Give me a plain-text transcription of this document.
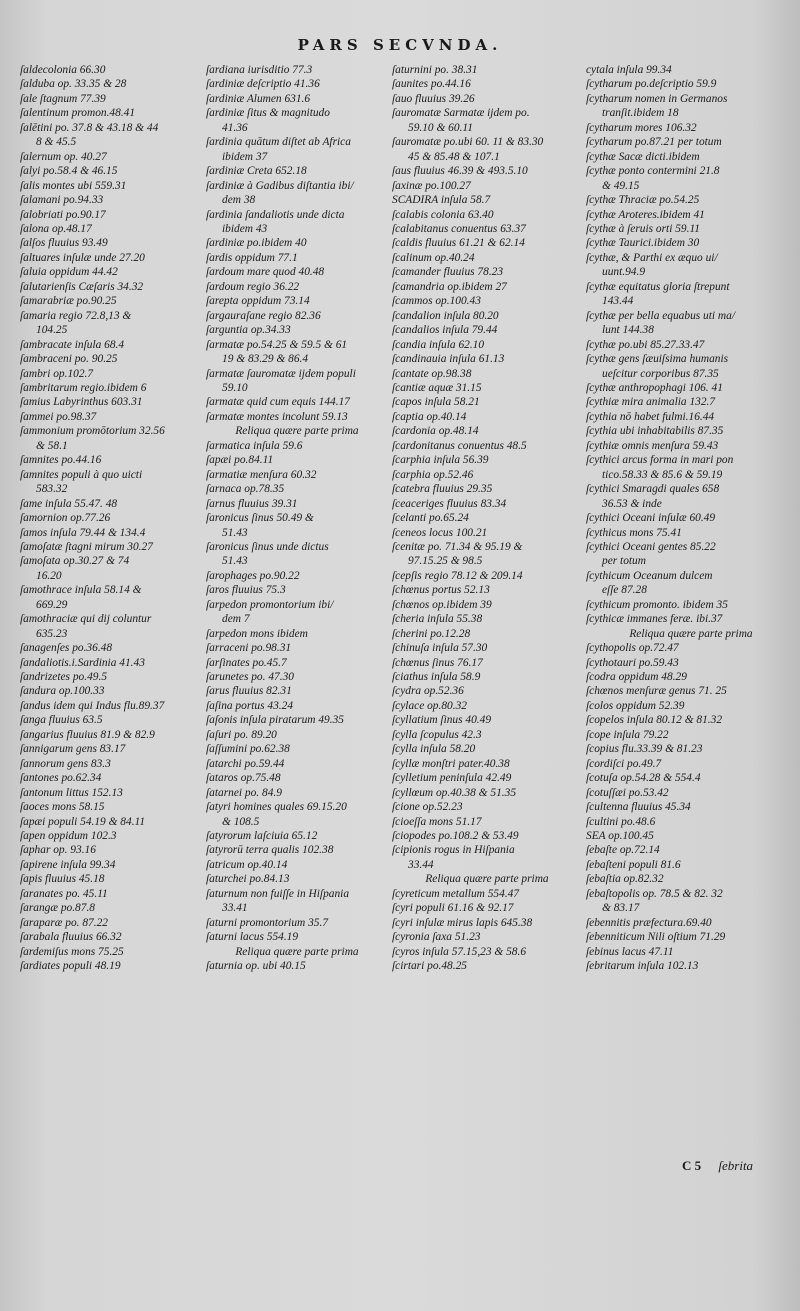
PARS SECVNDA.
ſaldecolonia 66.30
ſalduba op. 33.35 & 28
ſale ſtagnum 77.39
ſalentinum promon.48.41
ſalētini po. 37.8 & 43.18 & 44
8 & 45.5
ſalernum op. 40.27
ſalyi po.58.4 & 46.15
ſalis montes ubi 559.31
ſalamani po.94.33
ſalobriati po.90.17
ſalona op.48.17
ſalſos fluuius 93.49
ſaltuares inſulæ unde 27.20
ſaluia oppidum 44.42
ſalutarienſis Cæſaris 34.32
ſamarabriæ po.90.25
ſamaria regio 72.8,13 &
104.25
ſambracate inſula 68.4
ſambraceni po. 90.25
ſambri op.102.7
ſambritarum regio.ibidem 6
ſamius Labyrinthus 603.31
ſammei po.98.37
ſammonium promōtorium 32.56
& 58.1
ſamnites po.44.16
ſamnites populi à quo uicti
583.32
ſame inſula 55.47. 48
ſamornion op.77.26
ſamos inſula 79.44 & 134.4
ſamoſatæ ſtagni mirum 30.27
ſamoſata op.30.27 & 74
16.20
ſamothrace inſula 58.14 &
669.29
ſamothraciæ qui dij coluntur
635.23
ſanagenſes po.36.48
ſandaliotis.i.Sardinia 41.43
ſandrizetes po.49.5
ſandura op.100.33
ſandus idem qui Indus flu.89.37
ſanga fluuius 63.5
ſangarius fluuius 81.9 & 82.9
ſannigarum gens 83.17
ſannorum gens 83.3
ſantones po.62.34
ſantonum littus 152.13
ſaoces mons 58.15
ſapæi populi 54.19 & 84.11
ſapen oppidum 102.3
ſaphar op. 93.16
ſapirene inſula 99.34
ſapis fluuius 45.18
ſaranates po. 45.11
ſarangæ po.87.8
ſaraparæ po. 87.22
ſarabala fluuius 66.32
ſardemiſus mons 75.25
ſardiates populi 48.19
ſardiana iurisditio 77.3
ſardiniæ deſcriptio 41.36
ſardiniæ Alumen 631.6
ſardiniæ ſitus & magnitudo
41.36
ſardinia quātum diſtet ab Africa
ibidem 37
ſardiniæ Creta 652.18
ſardiniæ à Gadibus diſtantia ibi/
dem 38
ſardinia ſandaliotis unde dicta
ibidem 43
ſardiniæ po.ibidem 40
ſardis oppidum 77.1
ſardoum mare quod 40.48
ſardoum regio 36.22
ſarepta oppidum 73.14
ſargauraſane regio 82.36
ſarguntia op.34.33
ſarmatæ po.54.25 & 59.5 & 61
19 & 83.29 & 86.4
ſarmatæ ſauromatæ ijdem populi
59.10
ſarmatæ quid cum equis 144.17
ſarmatæ montes incolunt 59.13
Reliqua quære parte prima
ſarmatica inſula 59.6
ſapæi po.84.11
ſarmatiæ menſura 60.32
ſarnaca op.78.35
ſarnus fluuius 39.31
ſaronicus ſinus 50.49 &
51.43
ſaronicus ſinus unde dictus
51.43
ſarophages po.90.22
ſaros fluuius 75.3
ſarpedon promontorium ibi/
dem 7
ſarpedon mons ibidem
ſarraceni po.98.31
ſarſinates po.45.7
ſarunetes po. 47.30
ſarus fluuius 82.31
ſaſina portus 43.24
ſaſonis inſula piratarum 49.35
ſaſuri po. 89.20
ſaſſumini po.62.38
ſatarchi po.59.44
ſataros op.75.48
ſatarnei po. 84.9
ſatyri homines quales 69.15.20
& 108.5
ſatyrorum laſciuia 65.12
ſatyrorū terra qualis 102.38
ſatricum op.40.14
ſaturchei po.84.13
ſaturnum non fuiſſe in Hiſpania
33.41
ſaturni promontorium 35.7
ſaturni lacus 554.19
Reliqua quære parte prima
ſaturnia op. ubi 40.15
ſaturnini po. 38.31
ſaunites po.44.16
ſauo fluuius 39.26
ſauromatæ Sarmatæ ijdem po.
59.10 & 60.11
ſauromatæ po.ubi 60. 11 & 83.30
45 & 85.48 & 107.1
ſaus fluuius 46.39 & 493.5.10
ſaxinæ po.100.27
SCADIRA inſula 58.7
ſcalabis colonia 63.40
ſcalabitanus conuentus 63.37
ſcaldis fluuius 61.21 & 62.14
ſcalinum op.40.24
ſcamander fluuius 78.23
ſcamandria op.ibidem 27
ſcammos op.100.43
ſcandalion inſula 80.20
ſcandalios inſula 79.44
ſcandia inſula 62.10
ſcandinauia inſula 61.13
ſcantate op.98.38
ſcantiæ aquæ 31.15
ſcapos inſula 58.21
ſcaptia op.40.14
ſcardonia op.48.14
ſcardonitanus conuentus 48.5
ſcarphia inſula 56.39
ſcarphia op.52.46
ſcatebra fluuius 29.35
ſceaceriges fluuius 83.34
ſcelanti po.65.24
ſceneos locus 100.21
ſcenitæ po. 71.34 & 95.19 &
97.15.25 & 98.5
ſcepſis regio 78.12 & 209.14
ſchœnus portus 52.13
ſchœnos op.ibidem 39
ſcheria inſula 55.38
ſcherini po.12.28
ſchinuſa inſula 57.30
ſchœnus ſinus 76.17
ſciathus inſula 58.9
ſcydra op.52.36
ſcylace op.80.32
ſcyllatium ſinus 40.49
ſcylla ſcopulus 42.3
ſcylla inſula 58.20
ſcyllæ monſtri pater.40.38
ſcylletium peninſula 42.49
ſcyllœum op.40.38 & 51.35
ſcione op.52.23
ſcioeſſa mons 51.17
ſciopodes po.108.2 & 53.49
ſcipionis rogus in Hiſpania
33.44
Reliqua quære parte prima
ſcyreticum metallum 554.47
ſcyri populi 61.16 & 92.17
ſcyri inſulæ mirus lapis 645.38
ſcyronia ſaxa 51.23
ſcyros inſula 57.15,23 & 58.6
ſcirtari po.48.25
cytala inſula 99.34
ſcytharum po.deſcriptio 59.9
ſcytharum nomen in Germanos
tranſit.ibidem 18
ſcytharum mores 106.32
ſcytharum po.87.21 per totum
ſcythæ Sacæ dicti.ibidem
ſcythæ ponto contermini 21.8
& 49.15
ſcythæ Thraciæ po.54.25
ſcythæ Aroteres.ibidem 41
ſcythæ à ſeruis orti 59.11
ſcythæ Taurici.ibidem 30
ſcythæ, & Parthi ex æquo ui/
uunt.94.9
ſcythæ equitatus gloria ſtrepunt
143.44
ſcythæ per bella equabus uti ma/
lunt 144.38
ſcythæ po.ubi 85.27.33.47
ſcythæ gens ſæuiſsima humanis
ueſcitur corporibus 87.35
ſcythæ anthropophagi 106. 41
ſcythiæ mira animalia 132.7
ſcythia nō habet fulmi.16.44
ſcythia ubi inhabitabilis 87.35
ſcythiæ omnis menſura 59.43
ſcythici arcus forma in mari pon
tico.58.33 & 85.6 & 59.19
ſcythici Smaragdi quales 658
36.53 & inde
ſcythici Oceani inſulæ 60.49
ſcythicus mons 75.41
ſcythici Oceani gentes 85.22
per totum
ſcythicum Oceanum dulcem
eſſe 87.28
ſcythicum promonto. ibidem 35
ſcythicæ immanes feræ. ibi.37
Reliqua quære parte prima
ſcythopolis op.72.47
ſcythotauri po.59.43
ſcodra oppidum 48.29
ſchœnos menſuræ genus 71. 25
ſcolos oppidum 52.39
ſcopelos inſula 80.12 & 81.32
ſcope inſula 79.22
ſcopius flu.33.39 & 81.23
ſcordiſci po.49.7
ſcotuſa op.54.28 & 554.4
ſcotuſſæi po.53.42
ſcultenna fluuius 45.34
ſcultini po.48.6
SEA op.100.45
ſebaſte op.72.14
ſebaſteni populi 81.6
ſebaſtia op.82.32
ſebaſtopolis op. 78.5 & 82. 32
& 83.17
ſebennitis præfectura.69.40
ſebenniticum Nili oſtium 71.29
ſebinus lacus 47.11
ſebritarum inſula 102.13
C 5 ſebrita
